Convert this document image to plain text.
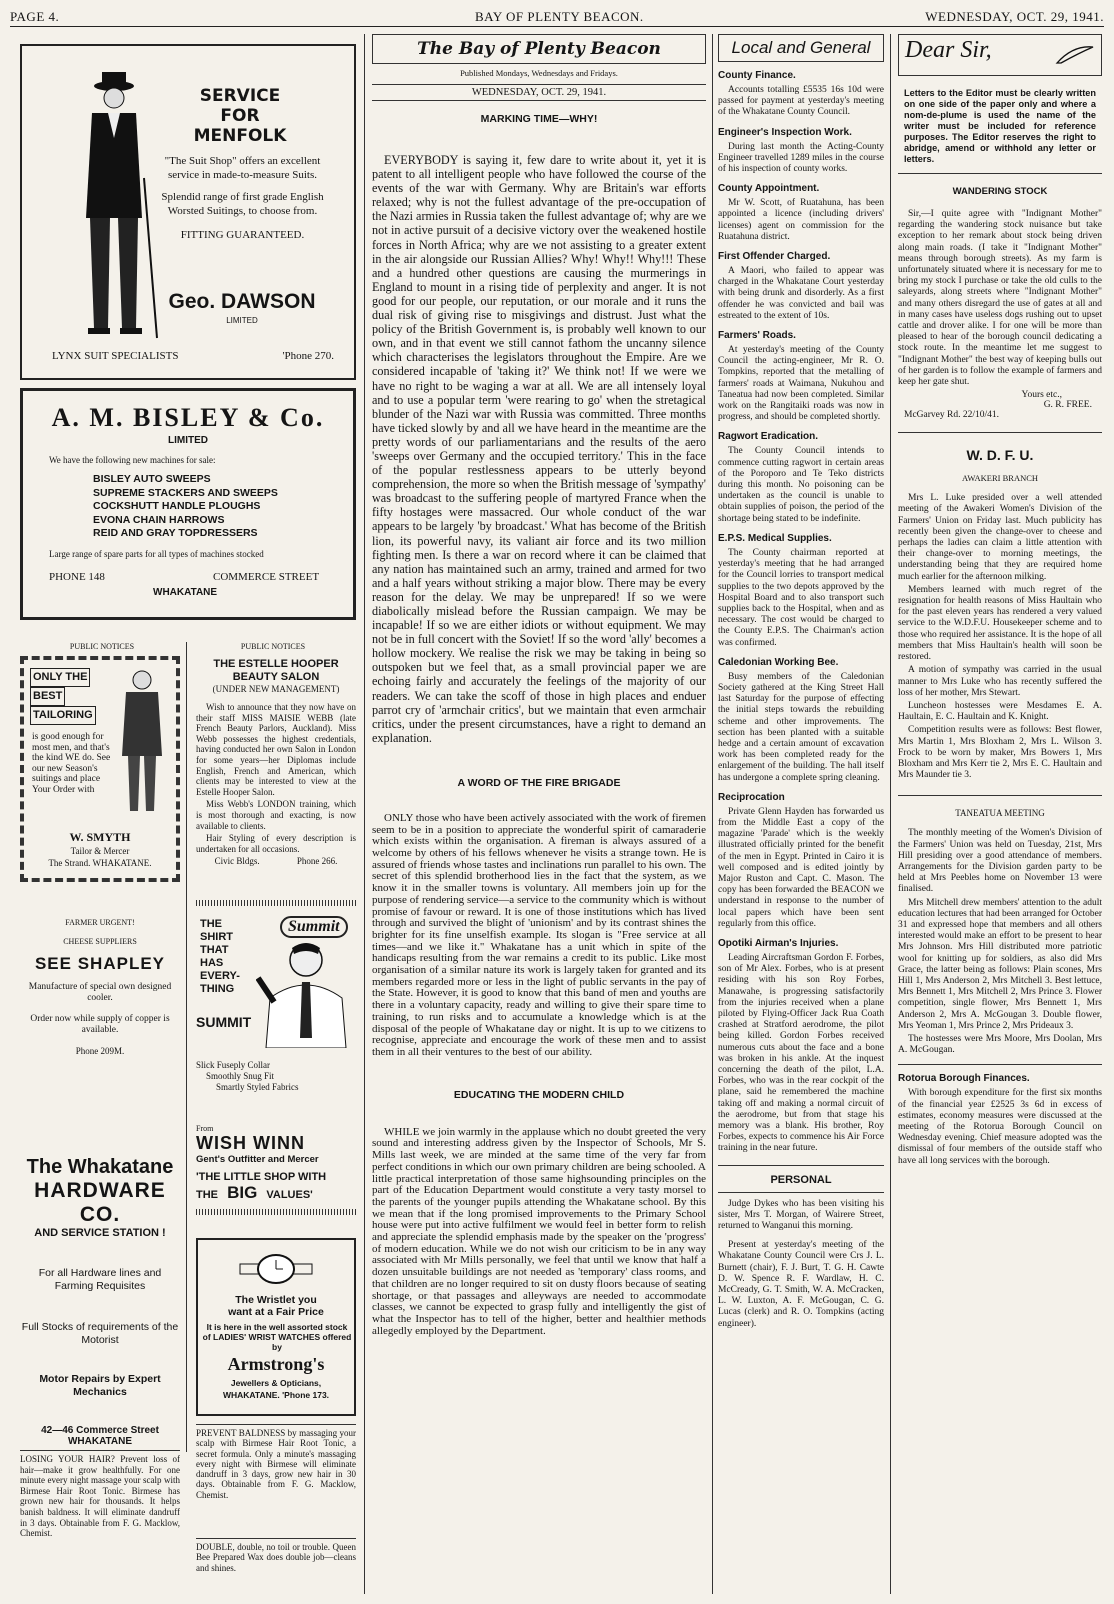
PAGE 4.	BAY OF PLENTY BEACON.	WEDNESDAY, OCT. 29, 1941.
SERVICE
FOR MENFOLK

"The Suit Shop" offers an excellent service in made-to-measure Suits.

Splendid range of first grade English Worsted Suitings, to choose from.

FITTING GUARANTEED.

Geo. DAWSON
LIMITED
LYNX SUIT SPECIALISTS	'Phone 270.
A. M. BISLEY & Co.
LIMITED
We have the following new machines for sale:
BISLEY AUTO SWEEPS
SUPREME STACKERS AND SWEEPS
COCKSHUTT HANDLE PLOUGHS
EVONA CHAIN HARROWS
REID AND GRAY TOPDRESSERS
Large range of spare parts for all types of machines stocked
PHONE 148	COMMERCE STREET
WHAKATANE
PUBLIC NOTICES	PUBLIC NOTICES
ONLY THE
BEST
TAILORING
is good enough for most men, and that's the kind WE do. See our new Season's suitings and place Your Order with
W. SMYTH
Tailor & Mercer
The Strand. WHAKATANE.
THE ESTELLE HOOPER BEAUTY SALON
(UNDER NEW MANAGEMENT)

Wish to announce that they now have on their staff MISS MAISIE WEBB (late French Beauty Parlors, Auckland). Miss Webb possesses the highest credentials, having conducted her own Salon in London for some years—her Diplomas include English, French and American, which clients may be interested to view at the Estelle Hooper Salon.

Miss Webb's LONDON training, which is most thorough and exacting, is now available to clients.

Hair Styling of every description is undertaken for all occasions.

Civic Bldgs.	Phone 266.
FARMER URGENT!
CHEESE SUPPLIERS
SEE SHAPLEY
Manufacture of special own designed cooler.
Order now while supply of copper is available.
Phone 209M.
THE
SHIRT
THAT
HAS
EVERY-
THING
SUMMIT
Summit
Slick Fuseply Collar
Smoothly Snug Fit
Smartly Styled Fabrics
From
WISH WINN
Gent's Outfitter and Mercer
'THE LITTLE SHOP WITH
THE BIG VALUES'
The Whakatane
HARDWARE CO.
AND SERVICE STATION !
For all Hardware lines and Farming Requisites
Full Stocks of requirements of the Motorist
Motor Repairs by Expert Mechanics
42—46 Commerce Street
WHAKATANE
The Wristlet you
want at a Fair Price
It is here in the well assorted stock of LADIES' WRIST WATCHES offered by
Armstrong's
Jewellers & Opticians,
WHAKATANE. 'Phone 173.

PREVENT BALDNESS by massaging your scalp with Birmese Hair Root Tonic, a secret formula. Only a minute's massaging every night with Birmese will eliminate dandruff in 3 days, grow new hair in 30 days. Obtainable from F. G. Macklow, Chemist.

DOUBLE, double, no toil or trouble. Queen Bee Prepared Wax does double job—cleans and shines.

LOSING YOUR HAIR? Prevent loss of hair—make it grow healthfully. For one minute every night massage your scalp with Birmese Hair Root Tonic. Birmese has grown new hair for thousands. It helps banish baldness. It will eliminate dandruff in 3 days. Obtainable from F. G. Macklow, Chemist.

The Bay of Plenty Beacon
Published Mondays, Wednesdays and Fridays.
WEDNESDAY, OCT. 29, 1941.
MARKING TIME—WHY!

EVERYBODY is saying it, few dare to write about it, yet it is patent to all intelligent people who have followed the course of the events of the war with Germany. Why are Britain's war efforts relaxed; why is not the fullest advantage of the pre-occupation of the Nazi armies in Russia taken the fullest advantage of; why are we not in active pursuit of a decisive victory over the weakened hostile forces in North Africa; why are we not assisting to a greater extent in the air alongside our Russian Allies? Why! Why!! Why!!! These and a hundred other questions are causing the murmerings in England to mount in a rising tide of perplexity and anger. It is not good for our people, our reputation, or our morale and it runs the dual risk of giving rise to misgivings and distrust. Just what the policy of the British Government is, is probably well known to our own, and in that event we still cannot fathom the uncanny silence which characterises the legislators throughout the Empire. Are we considered incapable of 'taking it?' We think not! If we were we have no right to be waging a war at all. We are all intensely loyal and to use a popular term 'were rearing to go' when the stretagical blunder of the Nazi war with Russia was committed. Three months have ticked slowly by and all we have heard in the meantime are the pretty words of our parliamentarians and the results of the aero 'sweeps over Germany and the occupied territory.' This in the face of the popular restlessness appears to be utterly beyond comprehension, the more so when the British message of 'sympathy' was broadcast to the suffering people of martyred France when the fifty hostages were massacred. Our whole conduct of the war appears to be largely 'by broadcast.' What has become of the British lion, its powerful navy, its valiant air force and its two million fighting men. Is there a war on record where it can be claimed that any nation has maintained such an army, trained and armed for two and a half years without striking a major blow. There may be every reason for the delay. We may be unprepared! If so we were diabolically mislead before the Russian campaign. We may be incapable! If so we are either idiots or without equipment. We may not be in full concert with the Soviet! If so the word 'ally' becomes a hollow mockery. We realise the risk we may be taking in being so outspoken but we feel that, as a small provincial paper we are echoing fairly and accurately the feelings of the majority of our readers. We can take the scoff of those in high places and enduer parrot cry of 'armchair critics', but we maintain that even armchair critics, under the present circumstances, have a right to demand an explanation.

A WORD OF THE FIRE BRIGADE

ONLY those who have been actively associated with the work of firemen seem to be in a position to appreciate the wonderful spirit of camaraderie which exists within the organisation. A fireman is always assured of a welcome by others of his fellows whenever he visits a strange town. He is assured of friends whose tastes and inclinations run parallel to his own. The secret of this splendid brotherhood lies in the fact that the system, as we know it in the smaller towns is voluntary. All members join up for the purpose of rendering service—a service to the community which is without promise of favour or reward. It is one of those institutions which has lived through and survived the blight of 'unionism' and by its contrast shines the brighter for its fine unselfish example. Its slogan is "Free service at all times—and we like it." Whakatane has a unit which in spite of the handicaps resulting from the war remains a credit to its public. Like most organisation of a similar nature its work is largely taken for granted and its members regarded more or less in the light of public servants in the pay of the State. However, it is good to know that this band of men and youths are there in a voluntary capacity, ready and willing to give their spare time to training, to run risks and to accumulate a knowledge which is at the disposal of the people of Whakatane day or night. It is up to we citizens to recognise, appreciate and encourage the work of these men and to assist them in all their ventures to the best of our ability.

EDUCATING THE MODERN CHILD

WHILE we join warmly in the applause which no doubt greeted the very sound and interesting address given by the Inspector of Schools, Mr S. Mills last week, we are minded at the same time of the very far from perfect conditions in which our own primary children are being schooled. A little practical interpretation of those same highsounding principles on the part of the Education Department would constitute a very tasty morsel to the parents of the younger pupils attending the Whakatane school. By this we mean that if the long promised improvements to the Primary School house were put into active fulfilment we would feel in better form to relish and appreciate the splendid emphasis made by the speaker on the 'progress' of modern education. While we do not wish our criticism to be in any way associated with Mr Mills personally, we feel that until we know that half a dozen unsuitable buildings are not needed as 'temporary' class rooms, and that children are no longer required to sit on dusty floors because of seating shortage, or that passages and alleyways are needed to accommodate classes, we cannot be expected to grasp fully and intelligently the gist of what the Inspector has to tell of the higher, better and healthier methods allegedly employed by the Department.

Local and General
County Finance.

Accounts totalling £5535 16s 10d were passed for payment at yesterday's meeting of the Whakatane County Council.

Engineer's Inspection Work.

During last month the Acting-County Engineer travelled 1289 miles in the course of his inspection of county works.

County Appointment.

Mr W. Scott, of Ruatahuna, has been appointed a licence (including drivers' licenses) agent on commission for the Ruatahuna district.

First Offender Charged.

A Maori, who failed to appear was charged in the Whakatane Court yesterday with being drunk and disorderly. As a first offender he was convicted and bail was estreated to the extent of 10s.

Farmers' Roads.

At yesterday's meeting of the County Council the acting-engineer, Mr R. O. Tompkins, reported that the metalling of farmers' roads at Waimana, Nukuhou and Taneatua had now been completed. Similar work on the Rangitaiki roads was now in progress, and should be completed shortly.

Ragwort Eradication.

The County Council intends to commence cutting ragwort in certain areas of the Poroporo and Te Teko districts during this month. No poisoning can be undertaken as the council is unable to obtain supplies of poison, the period of the shortage being stated to be indefinite.

E.P.S. Medical Supplies.

The County chairman reported at yesterday's meeting that he had arranged for the Council lorries to transport medical supplies to the two depots approved by the Hospital Board and to also transport such supplies back to the Hospital, when and as necessary. The cost would be charged to the County E.P.S. The Chairman's action was confirmed.

Caledonian Working Bee.

Busy members of the Caledonian Society gathered at the King Street Hall last Saturday for the purpose of effecting the initial steps towards the rebuilding scheme and other improvements. The section has been planted with a suitable hedge and a certain amount of excavation work has been completed ready for the enlargement of the building. The hall itself has undergone a complete spring cleaning.

Reciprocation

Private Glenn Hayden has forwarded us from the Middle East a copy of the magazine 'Parade' which is the weekly illustrated officially printed for the benefit of the men in Egypt. Printed in Cairo it is well composed and is edited jointly by Major Ruston and Capt. C. Mason. The copy has been forwarded the BEACON we understand in response to the number of local papers which have been sent regularly from this office.

Opotiki Airman's Injuries.

Leading Aircraftsman Gordon F. Forbes, son of Mr Alex. Forbes, who is at present residing with his son Roy Forbes, Manawahe, is progressing satisfactorily from the injuries received when a plane piloted by Flying-Officer Jack Rua Coath crashed at Stratford aerodrome, the pilot being killed. Gordon Forbes received numerous cuts about the face and a bone was broken in his ankle. At the inquest concerning the death of the pilot, L.A. Forbes, who was in the rear cockpit of the plane, said he remembered the machine taking off and making a normal circuit of the aerodrome, but from that stage his memory was a blank. His brother, Roy Forbes, expects to commence his Air Force training in the near future.

PERSONAL

Judge Dykes who has been visiting his sister, Mrs T. Morgan, of Wairere Street, returned to Wanganui this morning.

Present at yesterday's meeting of the Whakatane County Council were Crs J. L. Burnett (chair), F. J. Burt, T. G. H. Cawte D. W. Spence R. F. Wardlaw, H. C. McCready, G. T. Smith, W. A. McCracken, L. W. Luxton, A. F. McGougan, C. G. Lucas (clerk) and R. O. Tompkins (acting engineer).

Dear Sir,

Letters to the Editor must be clearly written on one side of the paper only and where a nom-de-plume is used the name of the writer must be included for reference purposes. The Editor reserves the right to abridge, amend or withhold any letter or letters.

WANDERING STOCK

Sir,—I quite agree with "Indignant Mother" regarding the wandering stock nuisance but take exception to her remark about stock being driven along main roads. (I take it "Indignant Mother" means through borough streets). As my farm is unfortunately situated where it is necessary for me to bring my stock I purchase or take the old culls to the saleyards, along streets where "Indignant Mother" and many others disregard the use of gates at all and in many cases have useless dogs rushing out to upset cattle and drover alike. I for one will be more than pleased to hear of the borough council dedicating a stock route. In the meantime let me suggest to "Indignant Mother" the best way of keeping bulls out of her garden is to follow the example of farmers and keep her gate shut.

Yours etc.,
G. R. FREE.
McGarvey Rd. 22/10/41.
W. D. F. U.
AWAKERI BRANCH

Mrs L. Luke presided over a well attended meeting of the Awakeri Women's Division of the Farmers' Union on Friday last. Much publicity has recently been given the change-over to cheese and perhaps the ladies can claim a little attention with their change-over to morning meetings, the understanding being that they are required home much earlier for the afternoon milking.

Members learned with much regret of the resignation for health reasons of Miss Haultain who for the past eleven years has rendered a very valued service to the W.D.F.U. Housekeeper scheme and to those who required her assistance. It is the hope of all members that Miss Haultain's health will soon be restored.

A motion of sympathy was carried in the usual manner to Mrs Luke who has recently suffered the loss of her mother, Mrs Stewart.

Luncheon hostesses were Mesdames E. A. Haultain, E. C. Haultain and K. Knight.

Competition results were as follows: Best flower, Mrs Martin 1, Mrs Bloxham 2, Mrs L. Wilson 3. Frock to be worn by maker, Mrs Bowers 1, Mrs Bloxham and Mrs Kerr tie 2, Mrs E. C. Haultain and Mrs Maunder tie 3.

TANEATUA MEETING

The monthly meeting of the Women's Division of the Farmers' Union was held on Tuesday, 21st, Mrs Hill presiding over a good attendance of members. Arrangements for the Division garden party to be held at Mrs Peebles home on November 13 were finalised.

Mrs Mitchell drew members' attention to the adult education lectures that had been arranged for October 31 and expressed hope that members and all others interested would make an effort to be present to hear Mrs Johnson. Mrs Hill distributed more patriotic wool for knitting up for soldiers, as also did Mrs Grace, the latter being as follows: Plain scones, Mrs Hill 1, Mrs Anderson 2, Mrs Mitchell 3. Best lettuce, Mrs Bennett 1, Mrs Mitchell 2, Mrs Prince 3. Flower competition, single flower, Mrs Bennett 1, Mrs Anderson 2, Mrs A. McGougan 3. Double flower, Mrs Yeoman 1, Mrs Prince 2, Mrs Prideaux 3.

The hostesses were Mrs Moore, Mrs Doolan, Mrs A. McGougan.

Rotorua Borough Finances.

With borough expenditure for the first six months of the financial year £2525 3s 6d in excess of estimates, economy measures were discussed at the meeting of the Rotorua Borough Council on Wednesday evening. Chief measure adopted was the dismissal of four members of the outside staff who have all long services with the borough.
